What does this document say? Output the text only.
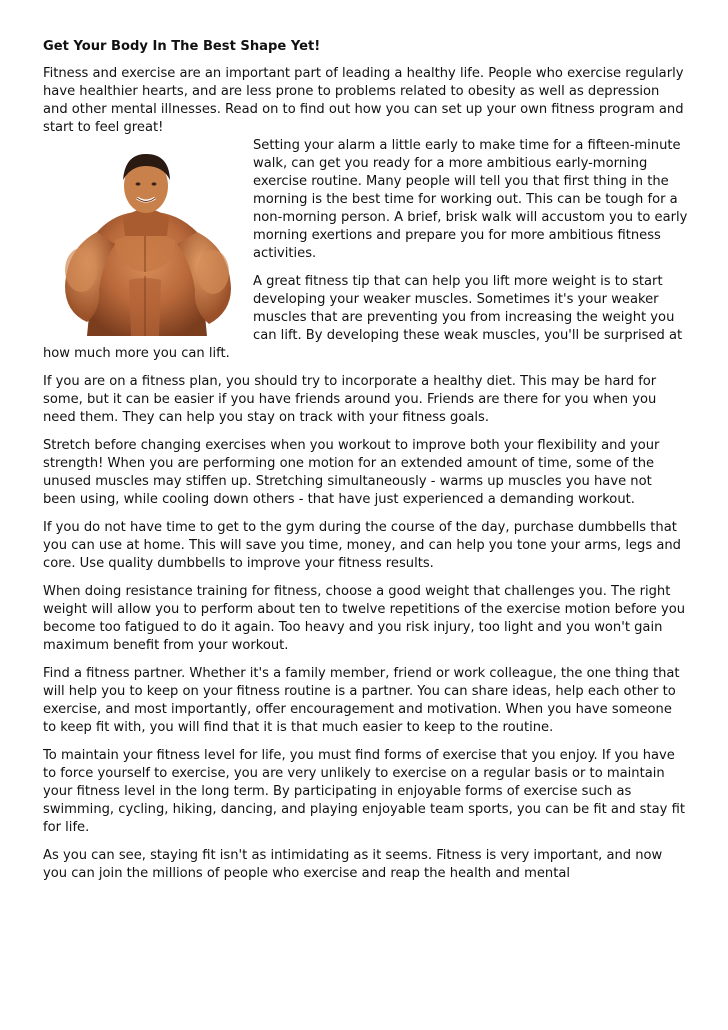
Get Your Body In The Best Shape Yet!

Fitness and exercise are an important part of leading a healthy life. People who exercise regularly have healthier hearts, and are less prone to problems related to obesity as well as depression and other mental illnesses. Read on to find out how you can set up your own fitness program and start to feel great!

Setting your alarm a little early to make time for a fifteen-minute walk, can get you ready for a more ambitious early-morning exercise routine. Many people will tell you that first thing in the morning is the best time for working out. This can be tough for a non-morning person. A brief, brisk walk will accustom you to early morning exertions and prepare you for more ambitious fitness activities.

A great fitness tip that can help you lift more weight is to start developing your weaker muscles. Sometimes it's your weaker muscles that are preventing you from increasing the weight you can lift. By developing these weak muscles, you'll be surprised at how much more you can lift.

If you are on a fitness plan, you should try to incorporate a healthy diet. This may be hard for some, but it can be easier if you have friends around you. Friends are there for you when you need them. They can help you stay on track with your fitness goals.

Stretch before changing exercises when you workout to improve both your flexibility and your strength! When you are performing one motion for an extended amount of time, some of the unused muscles may stiffen up. Stretching simultaneously - warms up muscles you have not been using, while cooling down others - that have just experienced a demanding workout.

If you do not have time to get to the gym during the course of the day, purchase dumbbells that you can use at home. This will save you time, money, and can help you tone your arms, legs and core. Use quality dumbbells to improve your fitness results.

When doing resistance training for fitness, choose a good weight that challenges you. The right weight will allow you to perform about ten to twelve repetitions of the exercise motion before you become too fatigued to do it again. Too heavy and you risk injury, too light and you won't gain maximum benefit from your workout.

Find a fitness partner. Whether it's a family member, friend or work colleague, the one thing that will help you to keep on your fitness routine is a partner. You can share ideas, help each other to exercise, and most importantly, offer encouragement and motivation. When you have someone to keep fit with, you will find that it is that much easier to keep to the routine.

To maintain your fitness level for life, you must find forms of exercise that you enjoy. If you have to force yourself to exercise, you are very unlikely to exercise on a regular basis or to maintain your fitness level in the long term. By participating in enjoyable forms of exercise such as swimming, cycling, hiking, dancing, and playing enjoyable team sports, you can be fit and stay fit for life.

As you can see, staying fit isn't as intimidating as it seems. Fitness is very important, and now you can join the millions of people who exercise and reap the health and mental
